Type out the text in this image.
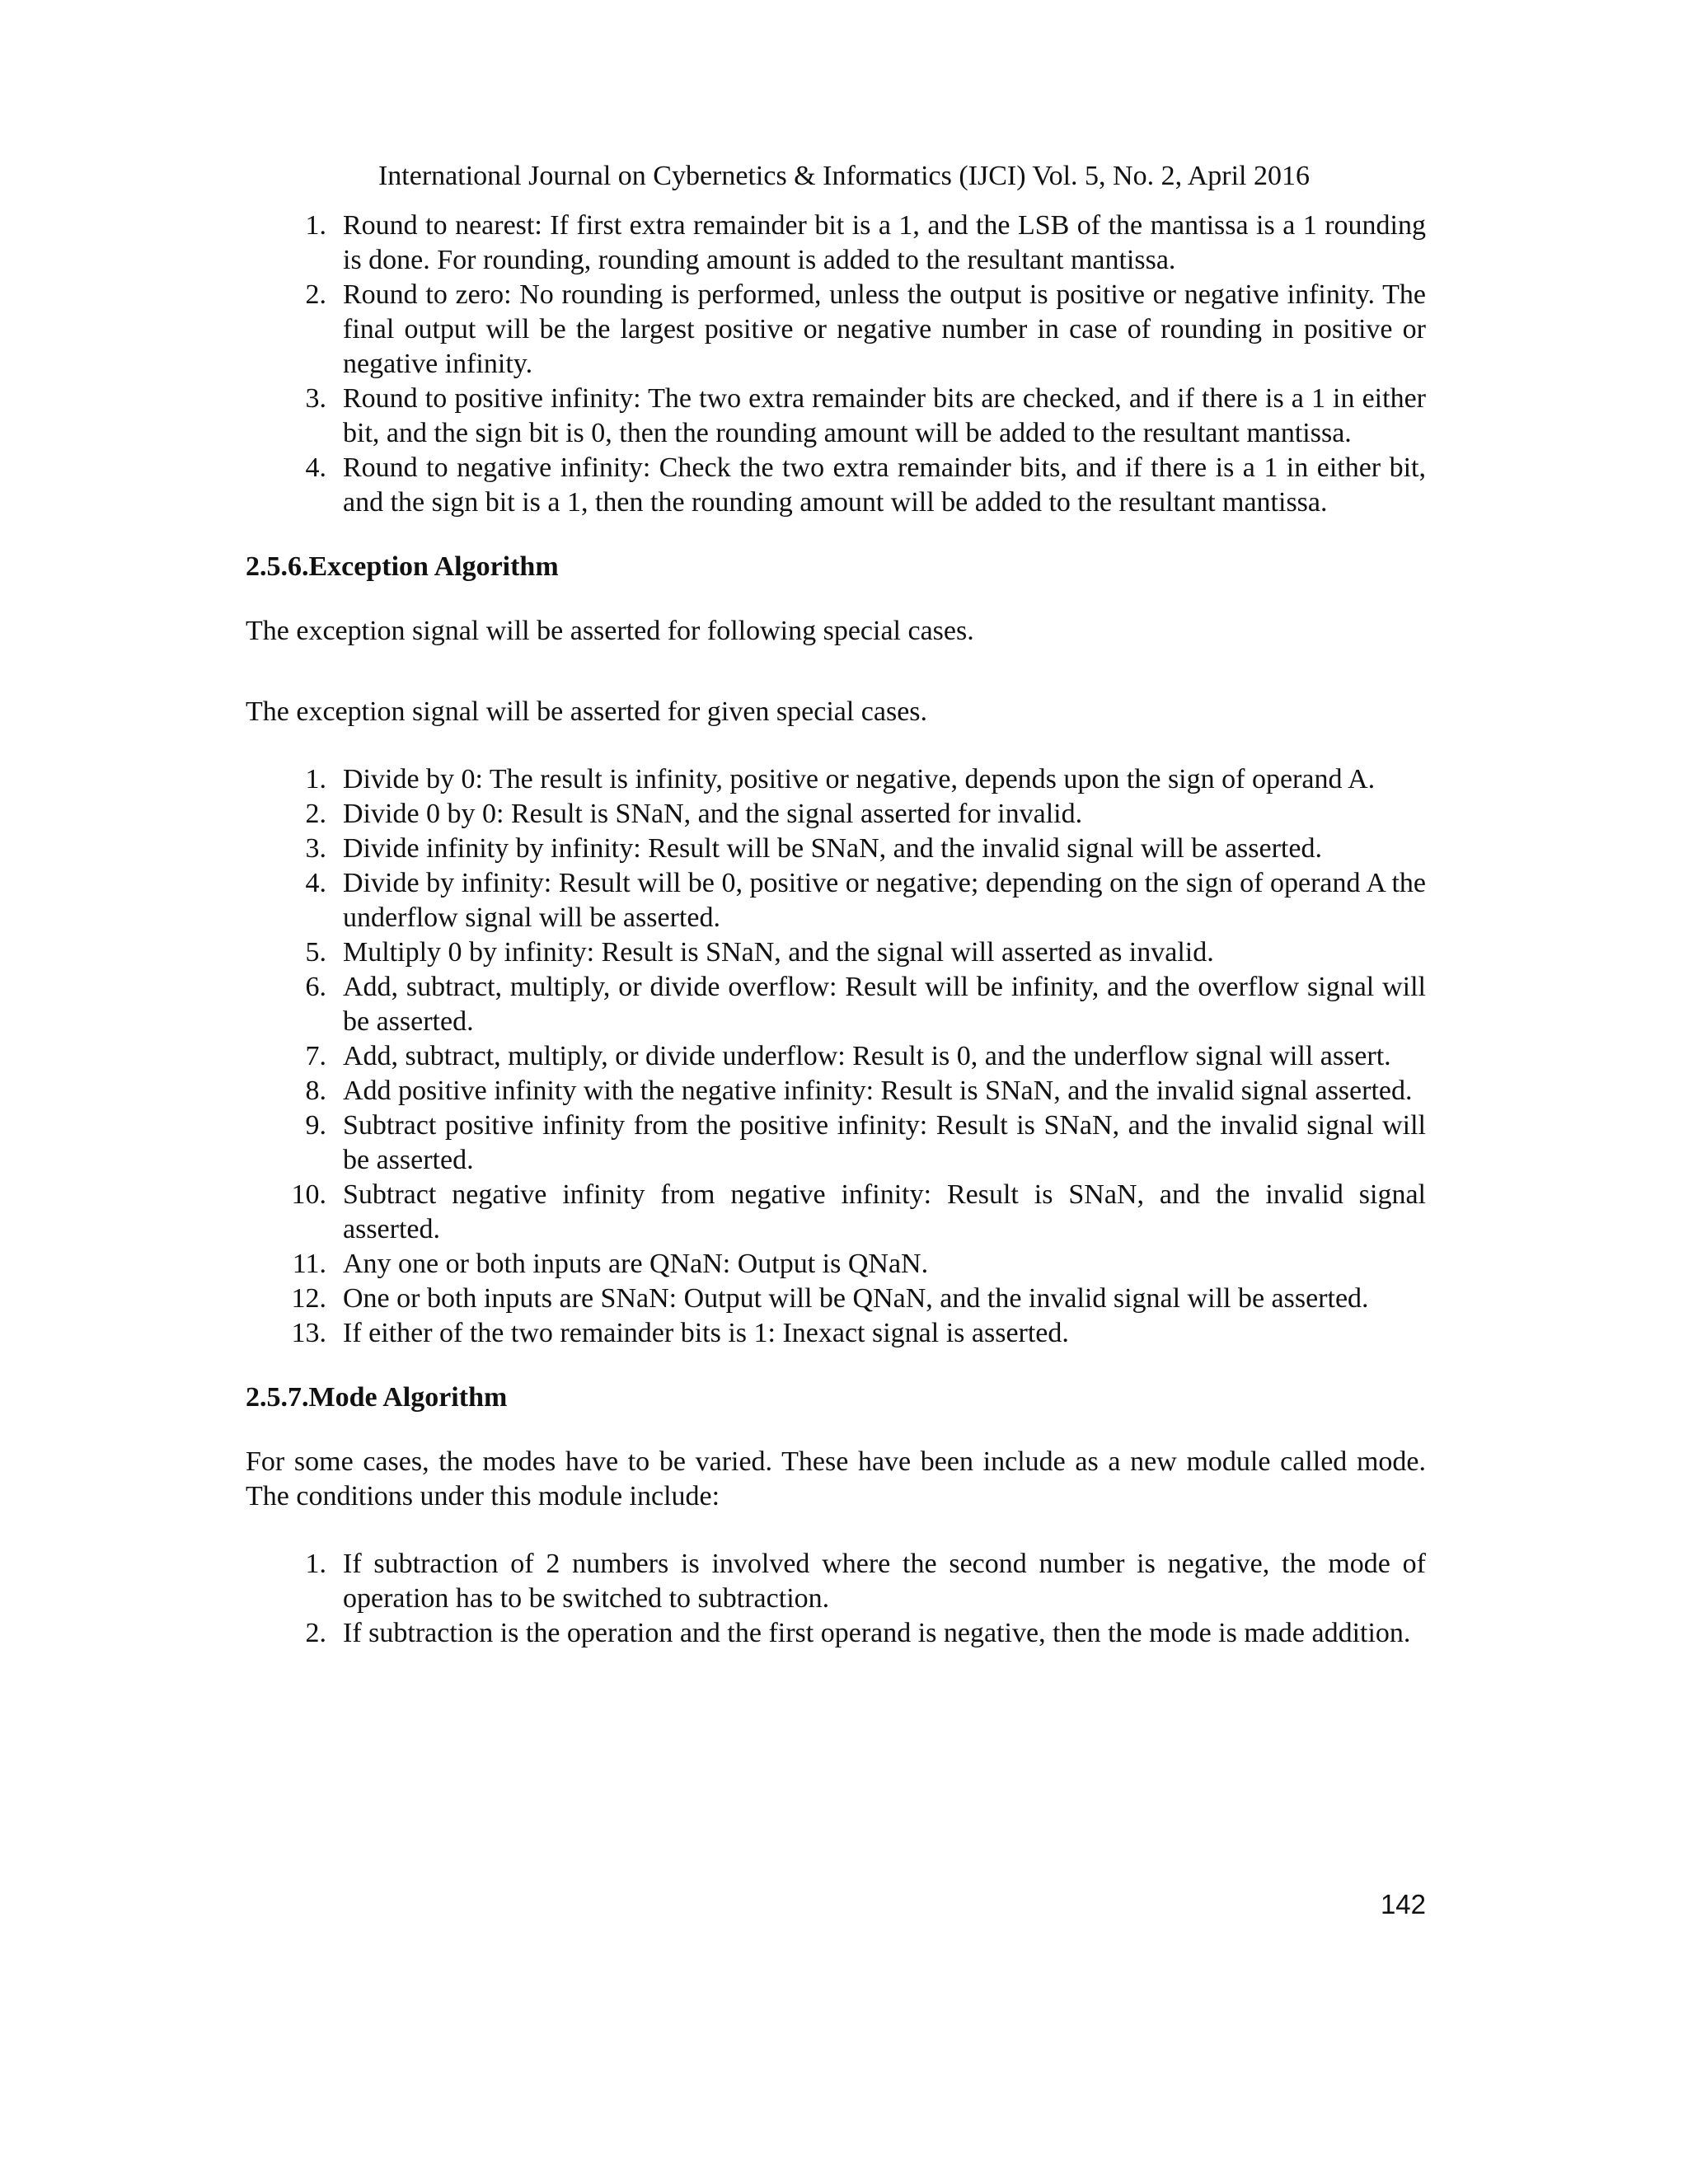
International Journal on Cybernetics & Informatics (IJCI) Vol. 5, No. 2, April 2016
1. Round to nearest: If first extra remainder bit is a 1, and the LSB of the mantissa is a 1 rounding is done. For rounding, rounding amount is added to the resultant mantissa.
2. Round to zero: No rounding is performed, unless the output is positive or negative infinity. The final output will be the largest positive or negative number in case of rounding in positive or negative infinity.
3. Round to positive infinity: The two extra remainder bits are checked, and if there is a 1 in either bit, and the sign bit is 0, then the rounding amount will be added to the resultant mantissa.
4. Round to negative infinity: Check the two extra remainder bits, and if there is a 1 in either bit, and the sign bit is a 1, then the rounding amount will be added to the resultant mantissa.

2.5.6.Exception Algorithm

The exception signal will be asserted for following special cases.

The exception signal will be asserted for given special cases.

1. Divide by 0: The result is infinity, positive or negative, depends upon the sign of operand A.
2. Divide 0 by 0: Result is SNaN, and the signal asserted for invalid.
3. Divide infinity by infinity: Result will be SNaN, and the invalid signal will be asserted.
4. Divide by infinity: Result will be 0, positive or negative; depending on the sign of operand A the underflow signal will be asserted.
5. Multiply 0 by infinity: Result is SNaN, and the signal will asserted as invalid.
6. Add, subtract, multiply, or divide overflow: Result will be infinity, and the overflow signal will be asserted.
7. Add, subtract, multiply, or divide underflow: Result is 0, and the underflow signal will assert.
8. Add positive infinity with the negative infinity: Result is SNaN, and the invalid signal asserted.
9. Subtract positive infinity from the positive infinity: Result is SNaN, and the invalid signal will be asserted.
10. Subtract negative infinity from negative infinity: Result is SNaN, and the invalid signal asserted.
11. Any one or both inputs are QNaN: Output is QNaN.
12. One or both inputs are SNaN: Output will be QNaN, and the invalid signal will be asserted.
13. If either of the two remainder bits is 1: Inexact signal is asserted.

2.5.7.Mode Algorithm

For some cases, the modes have to be varied. These have been include as a new module called mode. The conditions under this module include:

1. If subtraction of 2 numbers is involved where the second number is negative, the mode of operation has to be switched to subtraction.
2. If subtraction is the operation and the first operand is negative, then the mode is made addition.
142
